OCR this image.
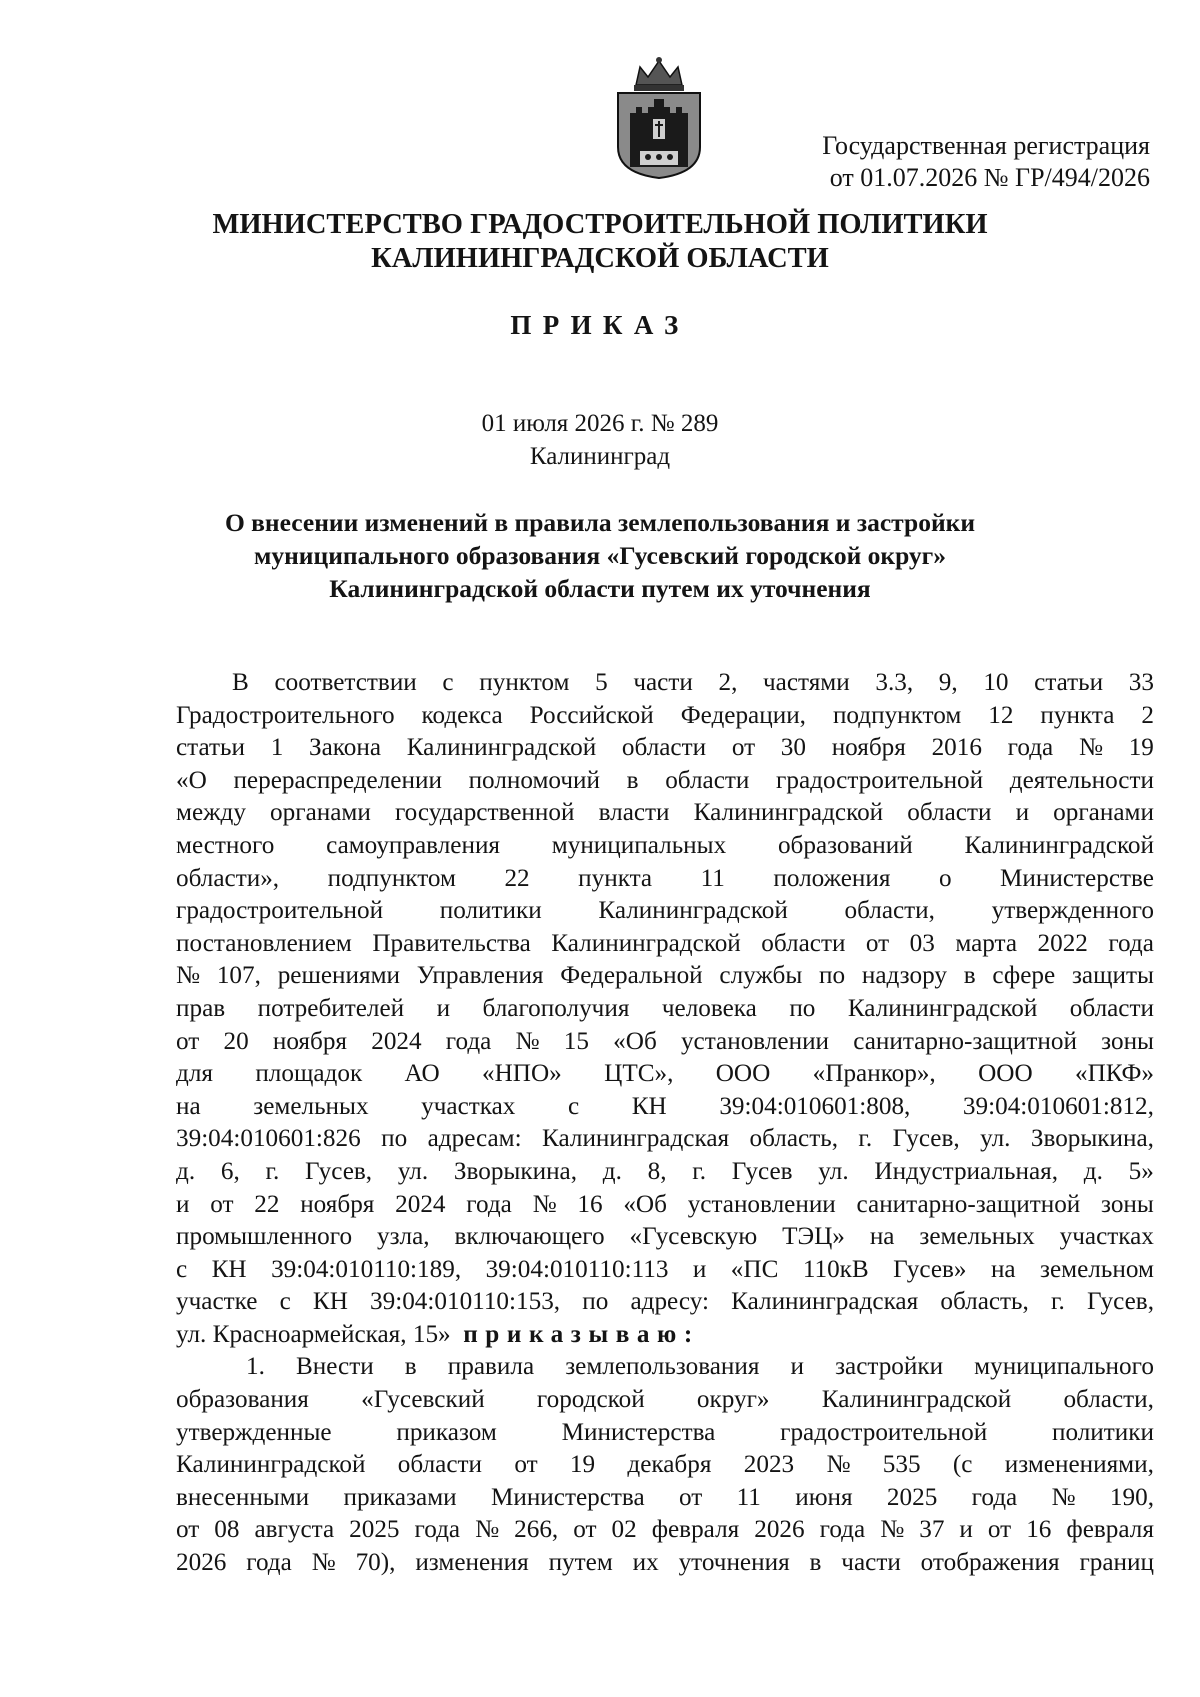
Государственная регистрация
от 01.07.2026 № ГР/494/2026
МИНИСТЕРСТВО ГРАДОСТРОИТЕЛЬНОЙ ПОЛИТИКИ
КАЛИНИНГРАДСКОЙ ОБЛАСТИ
ПРИКАЗ
01 июля 2026 г. № 289
Калининград
О внесении изменений в правила землепользования и застройки
муниципального образования «Гусевский городской округ»
Калининградской области путем их уточнения
В соответствии с пунктом 5 части 2, частями 3.3, 9, 10 статьи 33
Градостроительного кодекса Российской Федерации, подпунктом 12 пункта 2
статьи 1 Закона Калининградской области от 30 ноября 2016 года № 19
«О перераспределении полномочий в области градостроительной деятельности
между органами государственной власти Калининградской области и органами
местного самоуправления муниципальных образований Калининградской
области», подпунктом 22 пункта 11 положения о Министерстве
градостроительной политики Калининградской области, утвержденного
постановлением Правительства Калининградской области от 03 марта 2022 года
№ 107, решениями Управления Федеральной службы по надзору в сфере защиты
прав потребителей и благополучия человека по Калининградской области
от 20 ноября 2024 года № 15 «Об установлении санитарно-защитной зоны
для площадок АО «НПО» ЦТС», ООО «Пранкор», ООО «ПКФ»
на земельных участках с КН 39:04:010601:808, 39:04:010601:812,
39:04:010601:826 по адресам: Калининградская область, г. Гусев, ул. Зворыкина,
д. 6, г. Гусев, ул. Зворыкина, д. 8, г. Гусев ул. Индустриальная, д. 5»
и от 22 ноября 2024 года № 16 «Об установлении санитарно-защитной зоны
промышленного узла, включающего «Гусевскую ТЭЦ» на земельных участках
с КН 39:04:010110:189, 39:04:010110:113 и «ПС 110кВ Гусев» на земельном
участке с КН 39:04:010110:153, по адресу: Калининградская область, г. Гусев,
ул. Красноармейская, 15»
приказываю:
1. Внести в правила землепользования и застройки муниципального
образования «Гусевский городской округ» Калининградской области,
утвержденные	приказом	Министерства	градостроительной	политики
Калининградской области от 19 декабря 2023 № 535 (с изменениями,
внесенными приказами Министерства от 11 июня 2025 года № 190,
от 08 августа 2025 года № 266, от 02 февраля 2026 года № 37 и от 16 февраля
2026 года № 70), изменения путем их уточнения в части отображения границ
